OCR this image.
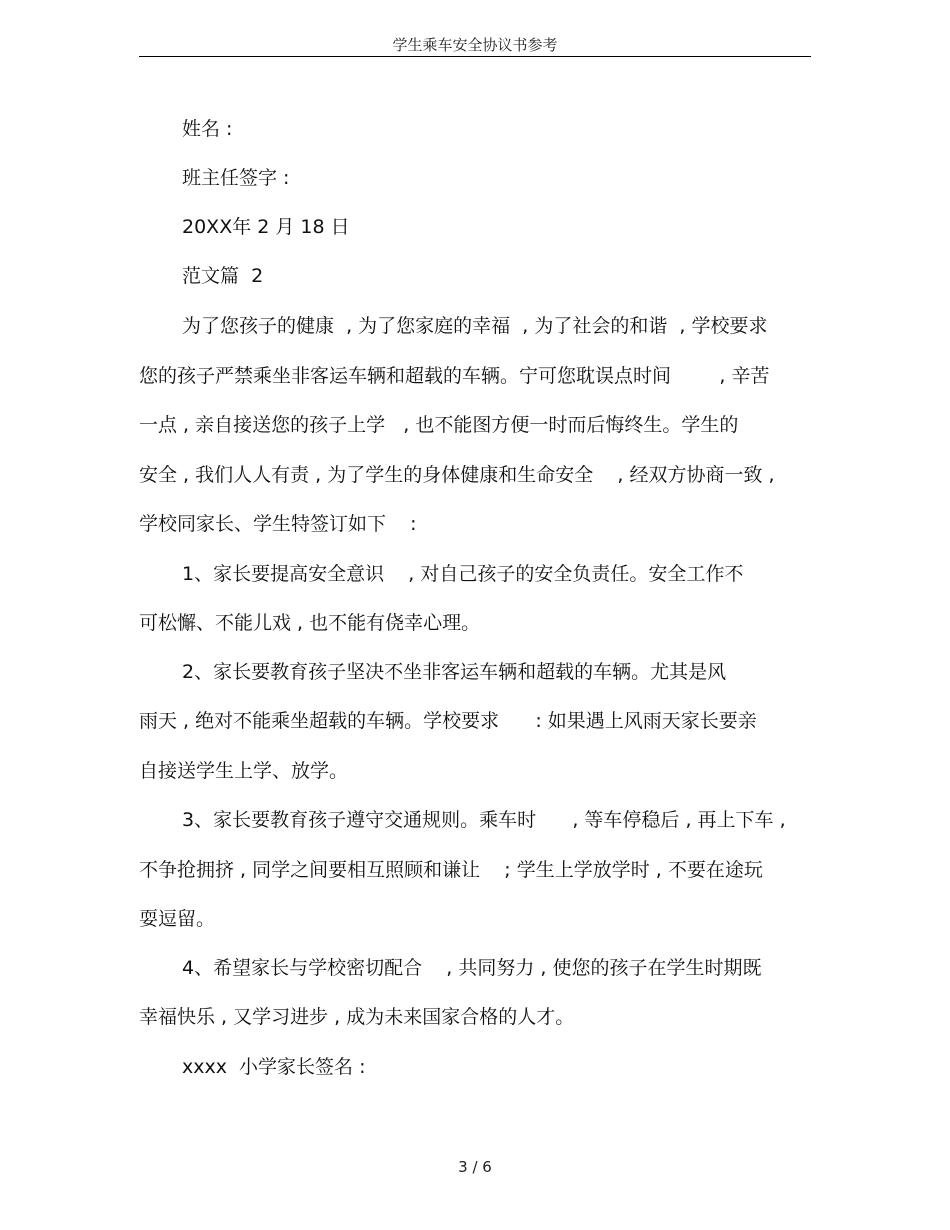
学生乘车安全协议书参考
姓名 :
班主任签字 :
20XX年 2 月 18 日
范文篇  2
为了您孩子的健康  , 为了您家庭的幸福  , 为了社会的和谐  , 学校要求
您的孩子严禁乘坐非客运车辆和超载的车辆。宁可您耽误点时间        , 辛苦
一点 , 亲自接送您的孩子上学   , 也不能图方便一时而后悔终生。学生的
安全 , 我们人人有责 , 为了学生的身体健康和生命安全    , 经双方协商一致 ,
学校同家长、学生特签订如下    :
1、家长要提高安全意识    , 对自己孩子的安全负责任。安全工作不
可松懈、不能儿戏 , 也不能有侥幸心理。
2、家长要教育孩子坚决不坐非客运车辆和超载的车辆。尤其是风
雨天 , 绝对不能乘坐超载的车辆。学校要求      : 如果遇上风雨天家长要亲
自接送学生上学、放学。
3、家长要教育孩子遵守交通规则。乘车时      , 等车停稳后 , 再上下车 ,
不争抢拥挤 , 同学之间要相互照顾和谦让    ; 学生上学放学时 , 不要在途玩
耍逗留。
4、希望家长与学校密切配合    , 共同努力 , 使您的孩子在学生时期既
幸福快乐 , 又学习进步 , 成为未来国家合格的人才。
xxxx  小学家长签名 :
3 / 6
